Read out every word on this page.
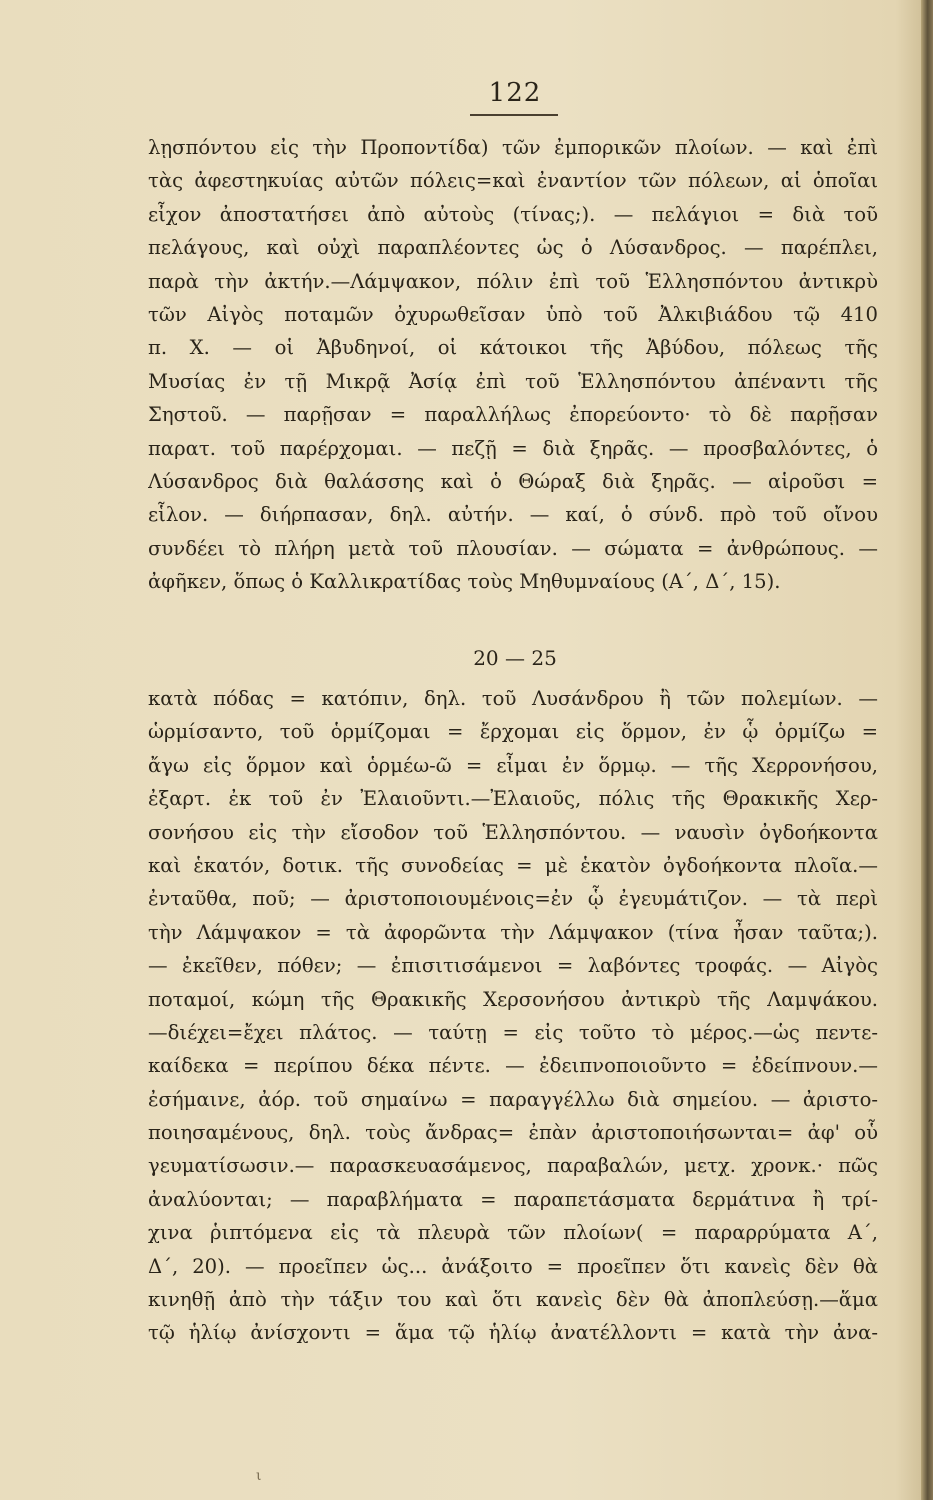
122
λῃσπόντου εἰς τὴν Προποντίδα) τῶν ἐμπορικῶν πλοίων. — καὶ ἐπὶ
τὰς ἀφεστηκυίας αὐτῶν πόλεις=καὶ ἐναντίον τῶν πόλεων, αἱ ὁποῖαι
εἶχον ἀποστατήσει ἀπὸ αὐτοὺς (τίνας;). — πελάγιοι = διὰ τοῦ
πελάγους, καὶ οὐχὶ παραπλέοντες ὡς ὁ Λύσανδρος. — παρέπλει,
παρὰ τὴν ἀκτήν.—Λάμψακον, πόλιν ἐπὶ τοῦ Ἑλλησπόντου ἀντικρὺ
τῶν Αἰγὸς ποταμῶν ὀχυρωθεῖσαν ὑπὸ τοῦ Ἀλκιβιάδου τῷ 410
π. Χ. — οἱ Ἀβυδηνοί, οἱ κάτοικοι τῆς Ἀβύδου, πόλεως τῆς
Μυσίας ἐν τῇ Μικρᾷ Ἀσίᾳ ἐπὶ τοῦ Ἑλλησπόντου ἀπέναντι τῆς
Σηστοῦ. — παρῇσαν = παραλλήλως ἐπορεύοντο· τὸ δὲ παρῇσαν
παρατ. τοῦ παρέρχομαι. — πεζῇ = διὰ ξηρᾶς. — προσβαλόντες, ὁ
Λύσανδρος διὰ θαλάσσης καὶ ὁ Θώραξ διὰ ξηρᾶς. — αἱροῦσι =
εἷλον. — διήρπασαν, δηλ. αὐτήν. — καί, ὁ σύνδ. πρὸ τοῦ οἴνου
συνδέει τὸ πλήρη μετὰ τοῦ πλουσίαν. — σώματα = ἀνθρώπους. —
ἀφῆκεν, ὅπως ὁ Καλλικρατίδας τοὺς Μηθυμναίους (Α΄, Δ΄, 15).
20 — 25
κατὰ πόδας = κατόπιν, δηλ. τοῦ Λυσάνδρου ἢ τῶν πολεμίων. —
ὡρμίσαντο, τοῦ ὁρμίζομαι = ἔρχομαι εἰς ὅρμον, ἐν ᾧ ὁρμίζω =
ἄγω εἰς ὅρμον καὶ ὁρμέω-ῶ = εἶμαι ἐν ὅρμῳ. — τῆς Χερρονήσου,
ἐξαρτ. ἐκ τοῦ ἐν Ἐλαιοῦντι.—Ἐλαιοῦς, πόλις τῆς Θρακικῆς Χερ-
σονήσου εἰς τὴν εἴσοδον τοῦ Ἑλλησπόντου. — ναυσὶν ὀγδοήκοντα
καὶ ἑκατόν, δοτικ. τῆς συνοδείας = μὲ ἑκατὸν ὀγδοήκοντα πλοῖα.—
ἐνταῦθα, ποῦ; — ἀριστοποιουμένοις=ἐν ᾧ ἐγευμάτιζον. — τὰ περὶ
τὴν Λάμψακον = τὰ ἀφορῶντα τὴν Λάμψακον (τίνα ἦσαν ταῦτα;).
— ἐκεῖθεν, πόθεν; — ἐπισιτισάμενοι = λαβόντες τροφάς. — Αἰγὸς
ποταμοί, κώμη τῆς Θρακικῆς Χερσονήσου ἀντικρὺ τῆς Λαμψάκου.
—διέχει=ἔχει πλάτος. — ταύτῃ = εἰς τοῦτο τὸ μέρος.—ὡς πεντε-
καίδεκα = περίπου δέκα πέντε. — ἐδειπνοποιοῦντο = ἐδείπνουν.—
ἐσήμαινε, ἀόρ. τοῦ σημαίνω = παραγγέλλω διὰ σημείου. — ἀριστο-
ποιησαμένους, δηλ. τοὺς ἄνδρας= ἐπὰν ἀριστοποιήσωνται= ἀφ' οὗ
γευματίσωσιν.— παρασκευασάμενος, παραβαλών, μετχ. χρονκ.· πῶς
ἀναλύονται; — παραβλήματα = παραπετάσματα δερμάτινα ἢ τρί-
χινα ῥιπτόμενα εἰς τὰ πλευρὰ τῶν πλοίων( = παραρρύματα Α΄,
Δ΄, 20). — προεῖπεν ὡς... ἀνάξοιτο = προεῖπεν ὅτι κανεὶς δὲν θὰ
κινηθῇ ἀπὸ τὴν τάξιν του καὶ ὅτι κανεὶς δὲν θὰ ἀποπλεύσῃ.—ἅμα
τῷ ἡλίῳ ἀνίσχοντι = ἅμα τῷ ἡλίῳ ἀνατέλλοντι = κατὰ τὴν ἀνα-
ι
